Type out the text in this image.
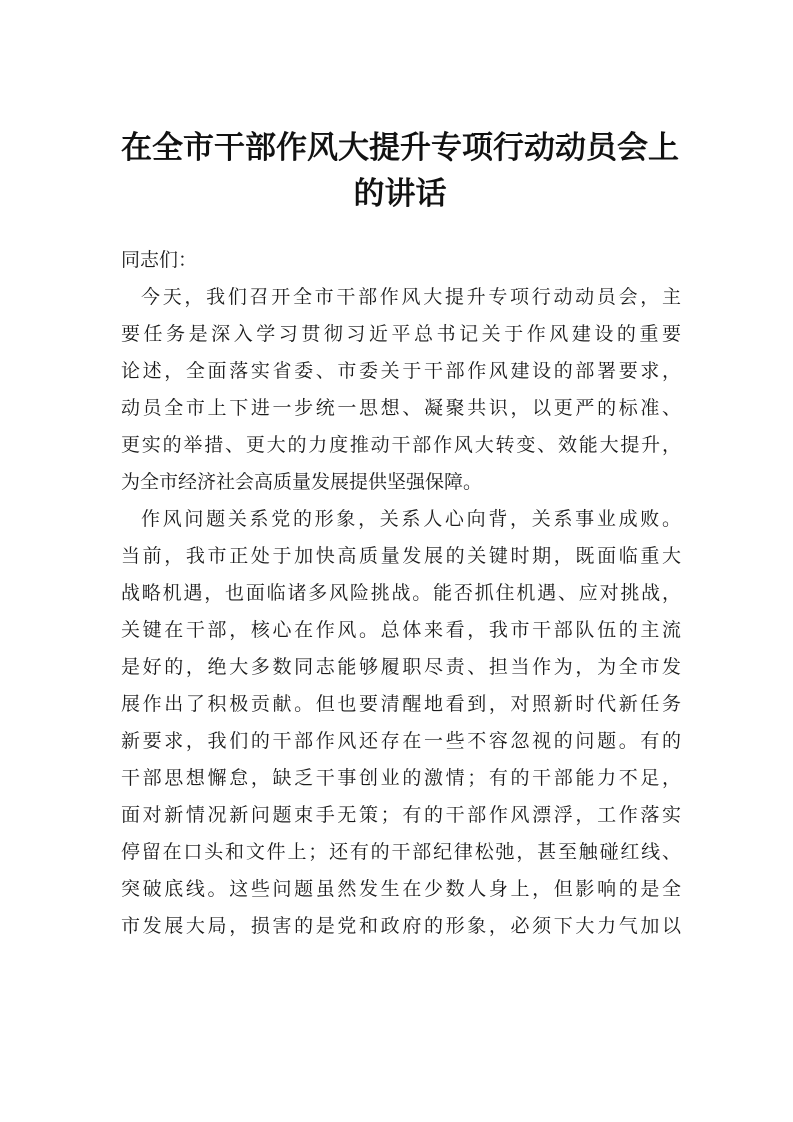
在全市干部作风大提升专项行动动员会上
的讲话
同志们：
今天，我们召开全市干部作风大提升专项行动动员会，主
要任务是深入学习贯彻习近平总书记关于作风建设的重要
论述，全面落实省委、市委关于干部作风建设的部署要求，
动员全市上下进一步统一思想、凝聚共识，以更严的标准、
更实的举措、更大的力度推动干部作风大转变、效能大提升，
为全市经济社会高质量发展提供坚强保障。
作风问题关系党的形象，关系人心向背，关系事业成败。
当前，我市正处于加快高质量发展的关键时期，既面临重大
战略机遇，也面临诸多风险挑战。能否抓住机遇、应对挑战，
关键在干部，核心在作风。总体来看，我市干部队伍的主流
是好的，绝大多数同志能够履职尽责、担当作为，为全市发
展作出了积极贡献。但也要清醒地看到，对照新时代新任务
新要求，我们的干部作风还存在一些不容忽视的问题。有的
干部思想懈怠，缺乏干事创业的激情；有的干部能力不足，
面对新情况新问题束手无策；有的干部作风漂浮，工作落实
停留在口头和文件上；还有的干部纪律松弛，甚至触碰红线、
突破底线。这些问题虽然发生在少数人身上，但影响的是全
市发展大局，损害的是党和政府的形象，必须下大力气加以
